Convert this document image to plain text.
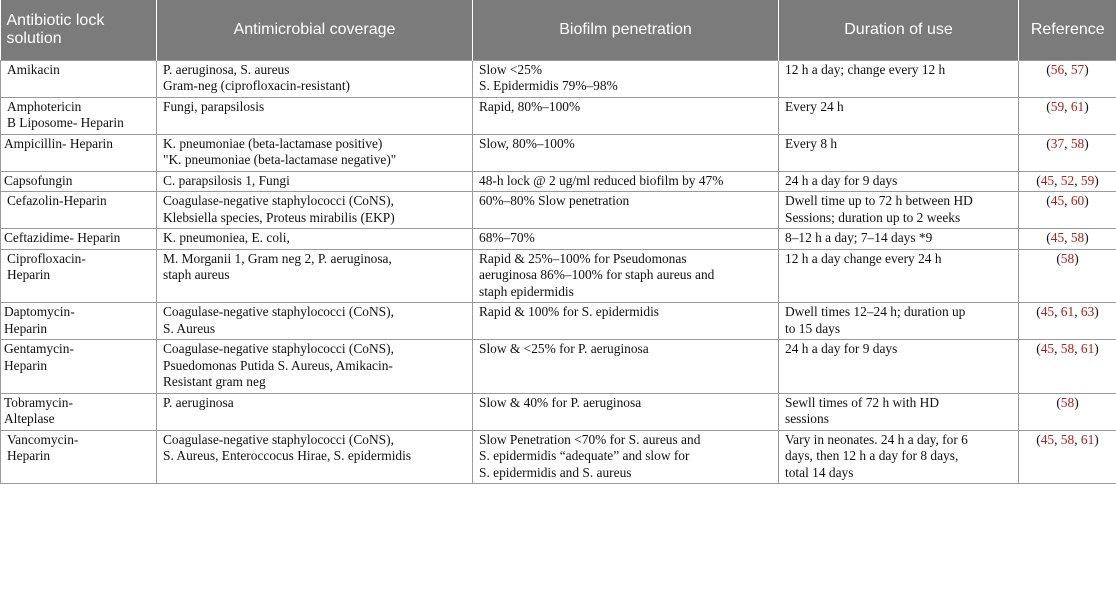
Antibiotic lock solution	Antimicrobial coverage	Biofilm penetration	Duration of use	Reference

Amikacin	P. aeruginosa, S. aureus
Gram-neg (ciprofloxacin-resistant)	Slow <25%
S. Epidermidis 79%–98%	12 h a day; change every 12 h	(56, 57)

Amphotericin
B Liposome- Heparin	Fungi, parapsilosis	Rapid, 80%–100%	Every 24 h	(59, 61)

Ampicillin- Heparin	K. pneumoniae (beta-lactamase positive)
"K. pneumoniae (beta-lactamase negative)"	Slow, 80%–100%	Every 8 h	(37, 58)

Capsofungin	C. parapsilosis 1, Fungi	48-h lock @ 2 ug/ml reduced biofilm by 47%	24 h a day for 9 days	(45, 52, 59)

Cefazolin-Heparin	Coagulase-negative staphylococci (CoNS),
Klebsiella species, Proteus mirabilis (EKP)	60%–80% Slow penetration	Dwell time up to 72 h between HD
Sessions; duration up to 2 weeks	(45, 60)

Ceftazidime- Heparin	K. pneumoniea, E. coli,	68%–70%	8–12 h a day; 7–14 days *9	(45, 58)

Ciprofloxacin-
Heparin	M. Morganii 1, Gram neg 2, P. aeruginosa,
staph aureus	Rapid & 25%–100% for Pseudomonas
aeruginosa 86%–100% for staph aureus and
staph epidermidis	12 h a day change every 24 h	(58)

Daptomycin-
Heparin	Coagulase-negative staphylococci (CoNS),
S. Aureus	Rapid & 100% for S. epidermidis	Dwell times 12–24 h; duration up
to 15 days	(45, 61, 63)

Gentamycin-
Heparin	Coagulase-negative staphylococci (CoNS),
Psuedomonas Putida S. Aureus, Amikacin-
Resistant gram neg	Slow & <25% for P. aeruginosa	24 h a day for 9 days	(45, 58, 61)

Tobramycin-
Alteplase	P. aeruginosa	Slow & 40% for P. aeruginosa	Sewll times of 72 h with HD
sessions	(58)

Vancomycin-
Heparin	Coagulase-negative staphylococci (CoNS),
S. Aureus, Enteroccocus Hirae, S. epidermidis	Slow Penetration <70% for S. aureus and
S. epidermidis “adequate” and slow for
S. epidermidis and S. aureus	Vary in neonates. 24 h a day, for 6
days, then 12 h a day for 8 days,
total 14 days	(45, 58, 61)
